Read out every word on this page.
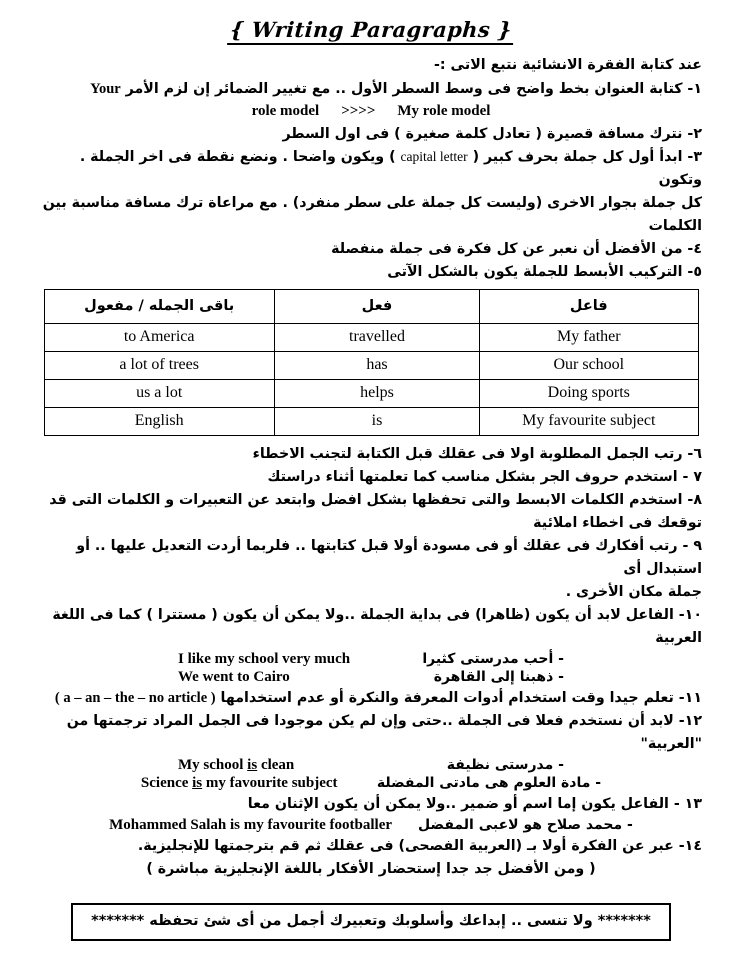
{ Writing Paragraphs }

عند كتابة الفقرة الانشائية نتبع الاتى :-

١- كتابة العنوان بخط واضح فى وسط السطر الأول .. مع تغيير الضمائر إن لزم الأمر Your

role model >>>> My role model

٢- نترك مسافة قصيرة ( تعادل كلمة صغيرة ) فى اول السطر

٣- ابدأ أول كل جملة بحرف كبير ( capital letter ) ويكون واضحا . ونضع نقطة فى اخر الجملة . وتكون

كل جملة بجوار الاخرى (وليست كل جملة على سطر منفرد) . مع مراعاة ترك مسافة مناسبة بين

الكلمات

٤- من الأفضل أن نعبر عن كل فكرة فى جملة منفصلة

٥- التركيب الأبسط للجملة يكون بالشكل الآتى

فاعل	فعل	باقى الجمله / مفعول
My father	travelled	to America
Our school	has	a lot of trees
Doing sports	helps	us a lot
My favourite subject	is	English

٦- رتب الجمل المطلوبة اولا فى عقلك قبل الكتابة لتجنب الاخطاء

٧ - استخدم حروف الجر بشكل مناسب كما تعلمتها أثناء دراستك

٨- استخدم الكلمات الابسط والتى تحفظها بشكل افضل وابتعد عن التعبيرات و الكلمات التى قد

توقعك فى اخطاء املائية

٩ - رتب أفكارك فى عقلك أو فى مسودة أولا قبل كتابتها .. فلربما أردت التعديل عليها .. أو استبدال أى

جملة مكان الأخرى .

١٠- الفاعل لابد أن يكون (ظاهرا) فى بداية الجملة ..ولا يمكن أن يكون ( مستترا ) كما فى اللغة العربية

- أحب مدرستى كثيرا
I like my school very much
- ذهبنا إلى القاهرة
We went to Cairo

١١- تعلم جيدا وقت استخدام أدوات المعرفة والنكرة أو عدم استخدامها ( a – an – the – no article )

١٢- لابد أن نستخدم فعلا فى الجملة ..حتى وإن لم يكن موجودا فى الجمل المراد ترجمتها من "العربية"

- مدرستى نظيفة
My school is clean
- مادة العلوم هى مادتى المفضلة
Science is my favourite subject

١٣ - الفاعل يكون إما اسم أو ضمير ..ولا يمكن أن يكون الإثنان معا

- محمد صلاح هو لاعبى المفضل
Mohammed Salah is my favourite footballer

١٤- عبر عن الفكرة أولا بـ (العربية الفصحى) فى عقلك ثم قم بترجمتها للإنجليزية.

( ومن الأفضل جد جدا إستحضار الأفكار باللغة الإنجليزية مباشرة )

******* ولا تنسى .. إبداعك وأسلوبك وتعبيرك أجمل من أى شئ تحفظه *******
